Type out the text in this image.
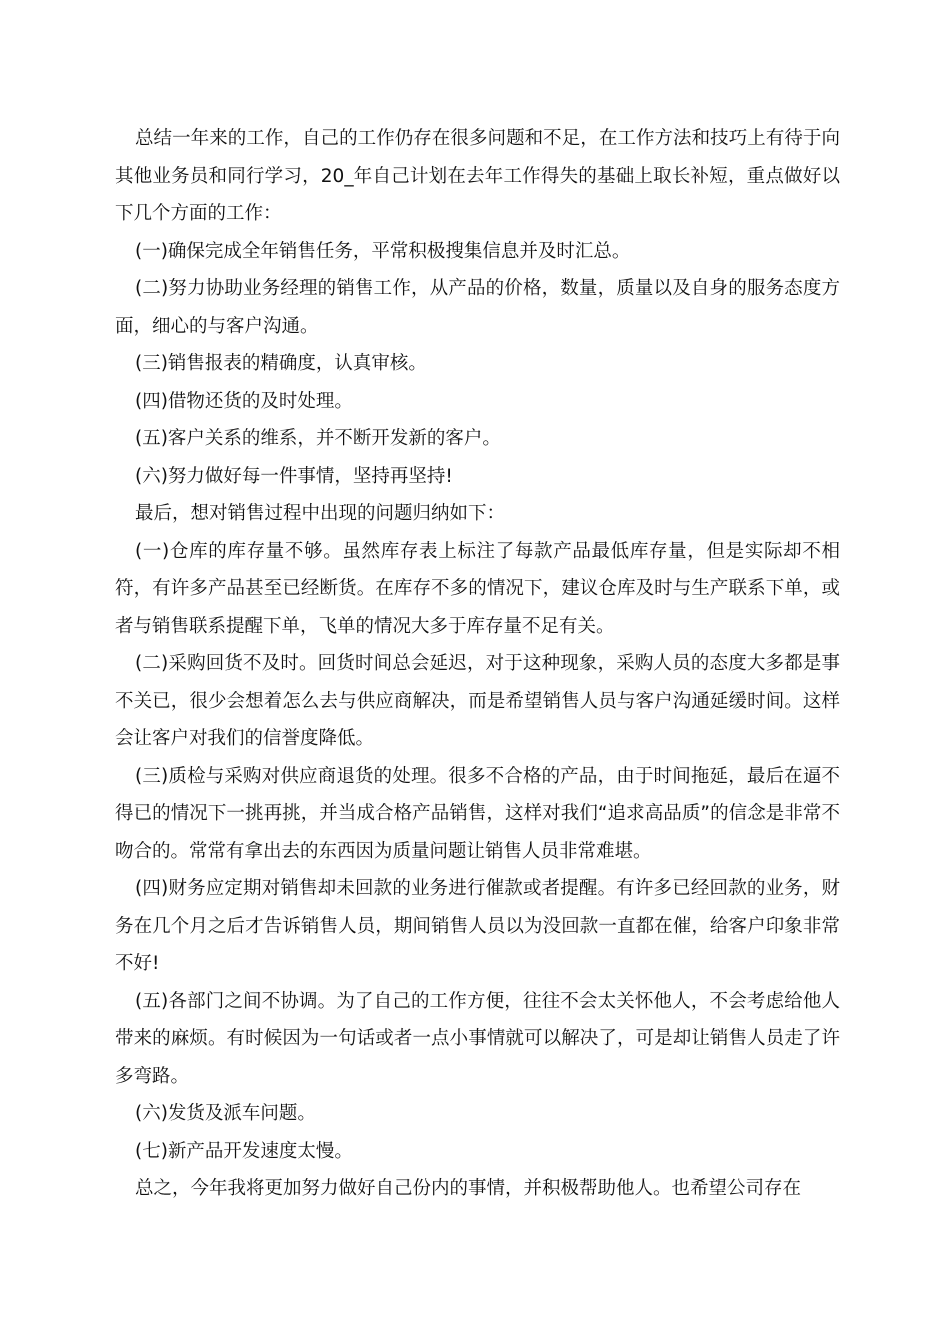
总结一年来的工作，自己的工作仍存在很多问题和不足，在工作方法和技巧上有待于向其他业务员和同行学习，20_年自己计划在去年工作得失的基础上取长补短，重点做好以下几个方面的工作：

(一)确保完成全年销售任务，平常积极搜集信息并及时汇总。

(二)努力协助业务经理的销售工作，从产品的价格，数量，质量以及自身的服务态度方面，细心的与客户沟通。

(三)销售报表的精确度，认真审核。

(四)借物还货的及时处理。

(五)客户关系的维系，并不断开发新的客户。

(六)努力做好每一件事情，坚持再坚持!

最后，想对销售过程中出现的问题归纳如下：

(一)仓库的库存量不够。虽然库存表上标注了每款产品最低库存量，但是实际却不相符，有许多产品甚至已经断货。在库存不多的情况下，建议仓库及时与生产联系下单，或者与销售联系提醒下单，飞单的情况大多于库存量不足有关。

(二)采购回货不及时。回货时间总会延迟，对于这种现象，采购人员的态度大多都是事不关已，很少会想着怎么去与供应商解决，而是希望销售人员与客户沟通延缓时间。这样会让客户对我们的信誉度降低。

(三)质检与采购对供应商退货的处理。很多不合格的产品，由于时间拖延，最后在逼不得已的情况下一挑再挑，并当成合格产品销售，这样对我们“追求高品质”的信念是非常不吻合的。常常有拿出去的东西因为质量问题让销售人员非常难堪。

(四)财务应定期对销售却未回款的业务进行催款或者提醒。有许多已经回款的业务，财务在几个月之后才告诉销售人员，期间销售人员以为没回款一直都在催，给客户印象非常不好!

(五)各部门之间不协调。为了自己的工作方便，往往不会太关怀他人，不会考虑给他人带来的麻烦。有时候因为一句话或者一点小事情就可以解决了，可是却让销售人员走了许多弯路。

(六)发货及派车问题。

(七)新产品开发速度太慢。

总之，今年我将更加努力做好自己份内的事情，并积极帮助他人。也希望公司存在
